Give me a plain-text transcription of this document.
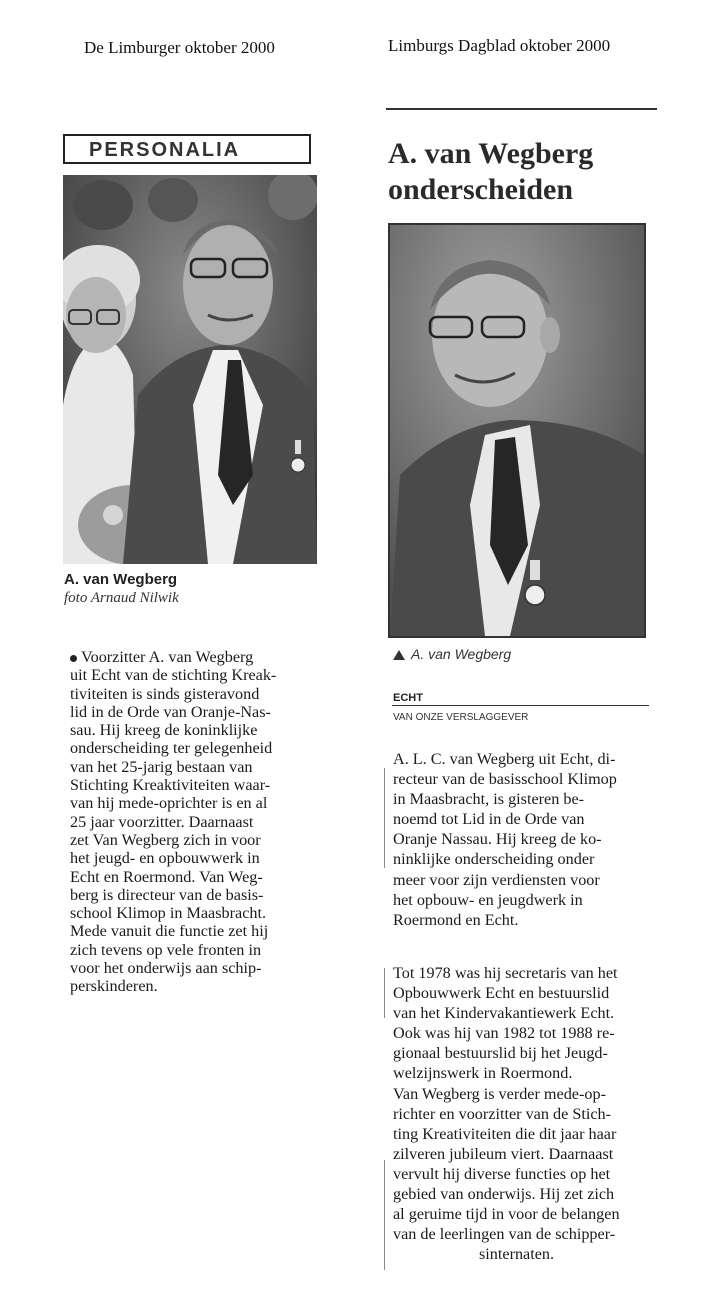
De Limburger oktober 2000
PERSONALIA
A. van Wegberg
foto Arnaud Nilwik

Voorzitter A. van Wegberg

uit Echt van de stichting Kreak-

tiviteiten is sinds gisteravond

lid in de Orde van Oranje-Nas-

sau. Hij kreeg de koninklijke

onderscheiding ter gelegenheid

van het 25-jarig bestaan van

Stichting Kreaktiviteiten waar-

van hij mede-oprichter is en al

25 jaar voorzitter. Daarnaast

zet Van Wegberg zich in voor

het jeugd- en opbouwwerk in

Echt en Roermond. Van Weg-

berg is directeur van de basis-

school Klimop in Maasbracht.

Mede vanuit die functie zet hij

zich tevens op vele fronten in

voor het onderwijs aan schip-

perskinderen.

Limburgs Dagblad oktober 2000
A. van Wegberg
onderscheiden
A. van Wegberg
ECHT
VAN ONZE VERSLAGGEVER

A. L. C. van Wegberg uit Echt, di-

recteur van de basisschool Klimop

in Maasbracht, is gisteren be-

noemd tot Lid in de Orde van

Oranje Nassau. Hij kreeg de ko-

ninklijke onderscheiding onder

meer voor zijn verdiensten voor

het opbouw- en jeugdwerk in

Roermond en Echt.

Tot 1978 was hij secretaris van het

Opbouwwerk Echt en bestuurslid

van het Kindervakantiewerk Echt.

Ook was hij van 1982 tot 1988 re-

gionaal bestuurslid bij het Jeugd-

welzijnswerk in Roermond.

Van Wegberg is verder mede-op-

richter en voorzitter van de Stich-

ting Kreativiteiten die dit jaar haar

zilveren jubileum viert. Daarnaast

vervult hij diverse functies op het

gebied van onderwijs. Hij zet zich

al geruime tijd in voor de belangen

van de leerlingen van de schipper-

sinternaten.
